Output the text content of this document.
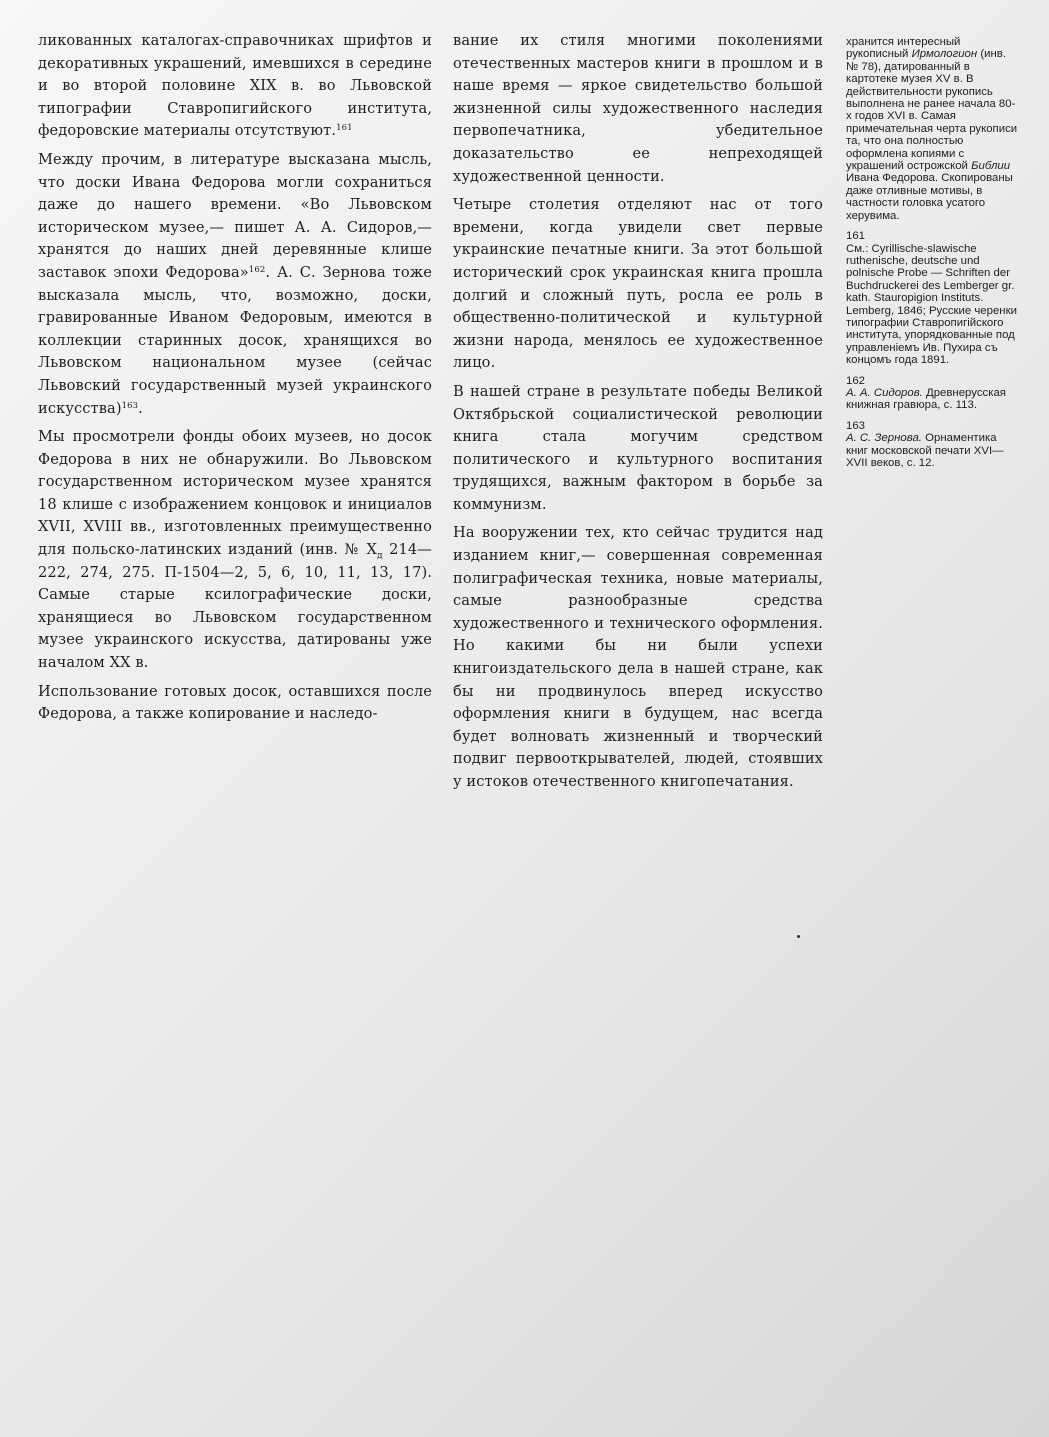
ликованных каталогах-справочниках шрифтов и декоративных украшений, имевшихся в середине и во второй половине XIX в. во Львовской типографии Ставропигийского института, федоровские материалы отсутствуют.$^{161}$

Между прочим, в литературе высказана мысль, что доски Ивана Федорова могли сохраниться даже до нашего времени. «Во Львовском историческом музее,— пишет А. А. Сидоров,— хранятся до наших дней деревянные клише заставок эпохи Федорова»$^{162}$. А. С. Зернова тоже высказала мысль, что, возможно, доски, гравированные Иваном Федоровым, имеются в коллекции старинных досок, хранящихся во Львовском национальном музее (сейчас Львовский государственный музей украинского искусства)$^{163}$.

Мы просмотрели фонды обоих музеев, но досок Федорова в них не обнаружили. Во Львовском государственном историческом музее хранятся 18 клише с изображением концовок и инициалов XVII, XVIII вв., изготовленных преимущественно для польско-латинских изданий (инв. № $Х_д$ 214—222, 274, 275. П-1504—2, 5, 6, 10, 11, 13, 17). Самые старые ксилографические доски, хранящиеся во Львовском государственном музее украинского искусства, датированы уже началом XX в.

Использование готовых досок, оставшихся после Федорова, а также копирование и наследо-

вание их стиля многими поколениями отечественных мастеров книги в прошлом и в наше время — яркое свидетельство большой жизненной силы художественного наследия первопечатника, убедительное доказательство ее непреходящей художественной ценности.

Четыре столетия отделяют нас от того времени, когда увидели свет первые украинские печатные книги. За этот большой исторический срок украинская книга прошла долгий и сложный путь, росла ее роль в общественно-политической и культурной жизни народа, менялось ее художественное лицо.

В нашей стране в результате победы Великой Октябрьской социалистической революции книга стала могучим средством политического и культурного воспитания трудящихся, важным фактором в борьбе за коммунизм.

На вооружении тех, кто сейчас трудится над изданием книг,— совершенная современная полиграфическая техника, новые материалы, самые разнообразные средства художественного и технического оформления. Но какими бы ни были успехи книгоиздательского дела в нашей стране, как бы ни продвинулось вперед искусство оформления книги в будущем, нас всегда будет волновать жизненный и творческий подвиг первооткрывателей, людей, стоявших у истоков отечественного книгопечатания.

хранится интересный рукописный Ирмологион (инв. № 78), датированный в картотеке музея XV в. В действительности рукопись выполнена не ранее начала 80-х годов XVI в. Самая примечательная черта рукописи та, что она полностью оформлена копиями с украшений острожской Библии Ивана Федорова. Скопированы даже отливные мотивы, в частности головка усатого херувима.
161
См.: Cyrillische-slawische ruthenische, deutsche und polnische Probe — Schriften der Buchdruckerei des Lemberger gr. kath. Stauropigion Instituts. Lemberg, 1846; Русские черенки типографии Ставропигійского института, упорядкованные под управленіемъ Ив. Пухира съ концомъ года 1891.
162
А. А. Сидоров. Древнерусская книжная гравюра, с. 113.
163
А. С. Зернова. Орнаментика книг московской печати XVI—XVII веков, с. 12.
